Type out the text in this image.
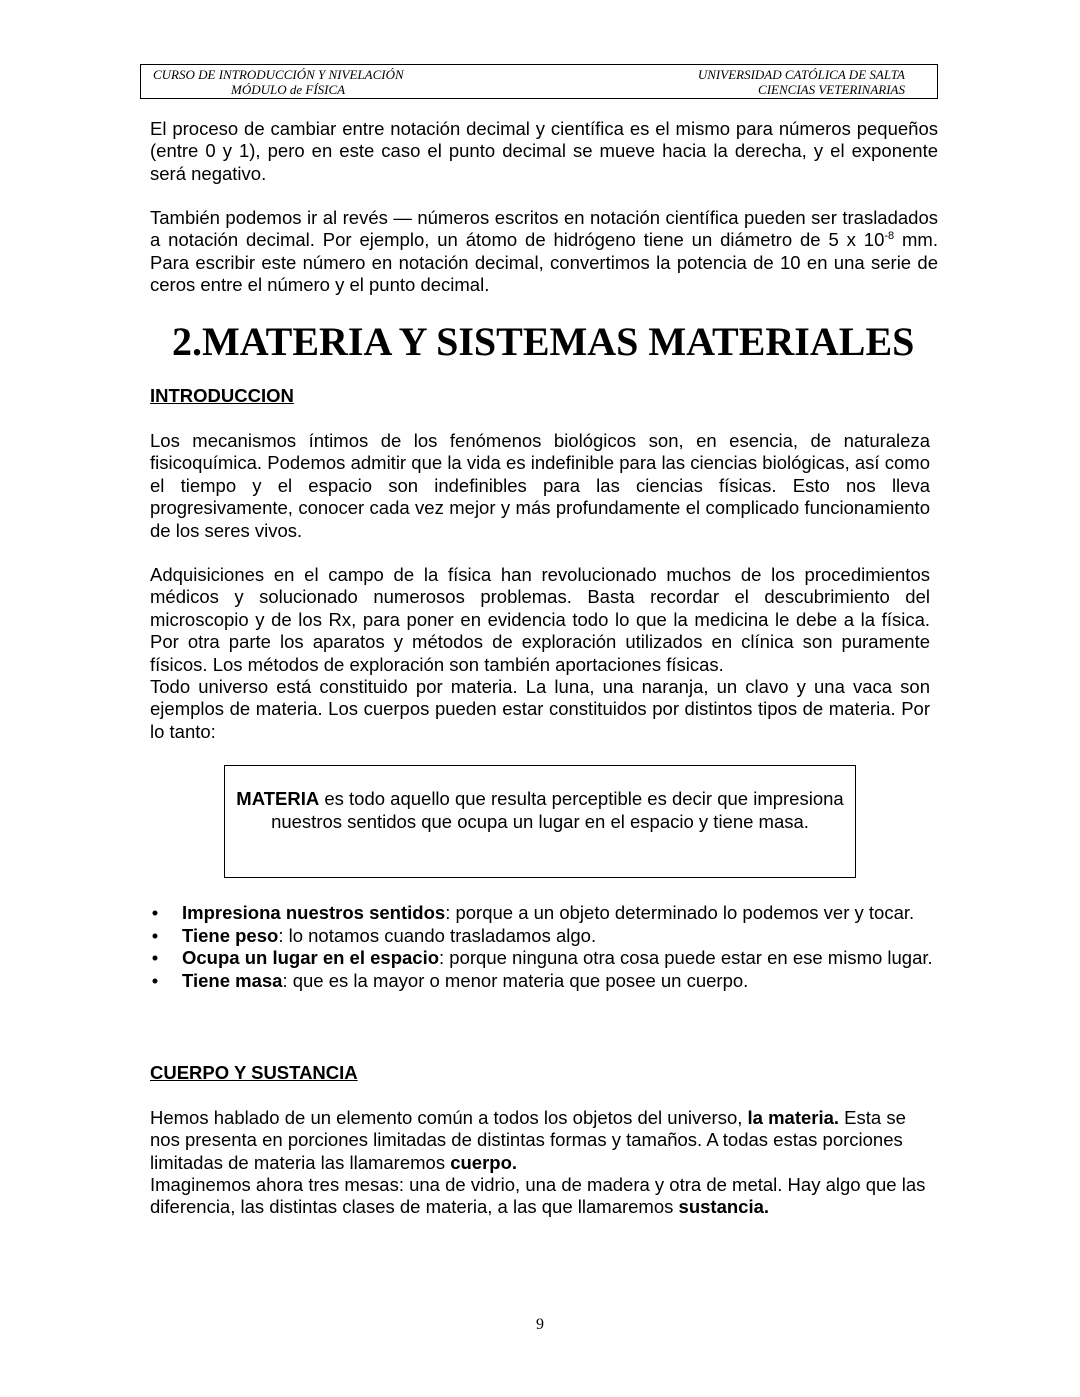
CURSO DE INTRODUCCIÓN Y NIVELACIÓN
MÓDULO de FÍSICA
UNIVERSIDAD CATÓLICA DE SALTA
CIENCIAS VETERINARIAS

El proceso de cambiar entre notación decimal y científica es el mismo para números pequeños (entre 0 y 1), pero en este caso el punto decimal se mueve hacia la derecha, y el exponente será negativo.

También podemos ir al revés — números escritos en notación científica pueden ser trasladados a notación decimal. Por ejemplo, un átomo de hidrógeno tiene un diámetro de 5 x $10^{-8}$ mm. Para escribir este número en notación decimal, convertimos la potencia de 10 en una serie de ceros entre el número y el punto decimal.

2.MATERIA Y SISTEMAS MATERIALES
INTRODUCCION

Los mecanismos íntimos de los fenómenos biológicos son, en esencia, de naturaleza fisicoquímica. Podemos admitir que la vida es indefinible para las ciencias biológicas, así como el tiempo y el espacio son indefinibles para las ciencias físicas. Esto nos lleva progresivamente, conocer cada vez mejor y más profundamente el complicado funcionamiento de los seres vivos.

Adquisiciones en el campo de la física han revolucionado muchos de los procedimientos médicos y solucionado numerosos problemas. Basta recordar el descubrimiento del microscopio y de los Rx, para poner en evidencia todo lo que la medicina le debe a la física. Por otra parte los aparatos y métodos de exploración utilizados en clínica son puramente físicos. Los métodos de exploración son también aportaciones físicas.

Todo universo está constituido por materia. La luna, una naranja, un clavo y una vaca son ejemplos de materia. Los cuerpos pueden estar constituidos por distintos tipos de materia. Por lo tanto:

MATERIA es todo aquello que resulta perceptible es decir que impresiona nuestros sentidos que ocupa un lugar en el espacio y tiene masa.
• Impresiona nuestros sentidos: porque a un objeto determinado lo podemos ver y tocar.
• Tiene peso: lo notamos cuando trasladamos algo.
• Ocupa un lugar en el espacio: porque ninguna otra cosa puede estar en ese mismo lugar.
• Tiene masa: que es la mayor o menor materia que posee un cuerpo.
CUERPO Y SUSTANCIA

Hemos hablado de un elemento común a todos los objetos del universo, la materia. Esta se nos presenta en porciones limitadas de distintas formas y tamaños. A todas estas porciones limitadas de materia las llamaremos cuerpo.

Imaginemos ahora tres mesas: una de vidrio, una de madera y otra de metal. Hay algo que las diferencia, las distintas clases de materia, a las que llamaremos sustancia.

9
